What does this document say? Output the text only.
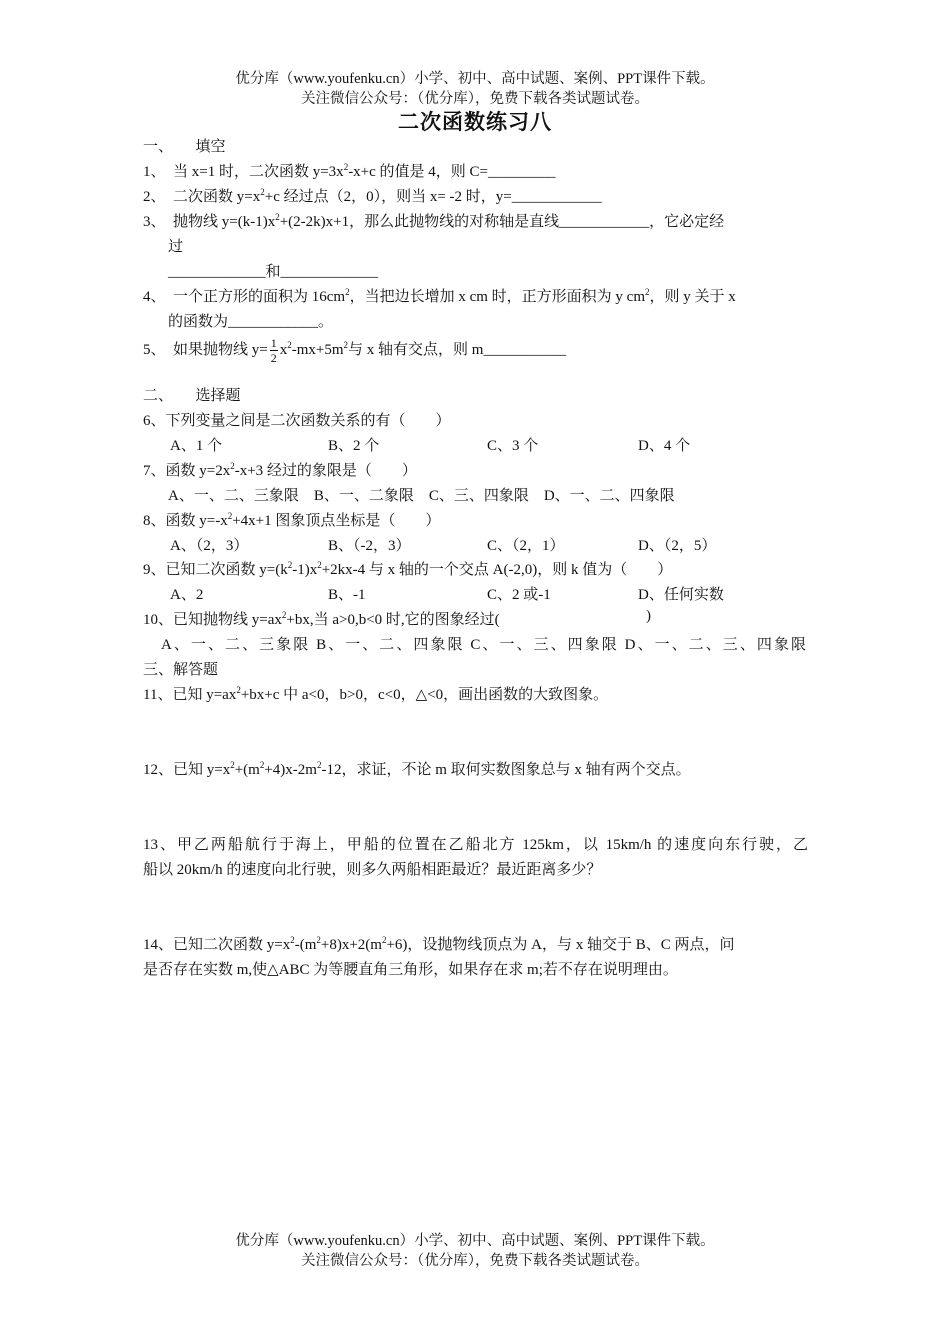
优分库（www.youfenku.cn）小学、初中、高中试题、案例、PPT课件下载。
关注微信公众号：（优分库），免费下载各类试题试卷。
二次函数练习八
一、　　填空
1、 当 x=1 时，二次函数 $y=3x^2-x+c$ 的值是 4，则 C=_________
2、 二次函数 $y=x^2+c$ 经过点（2，0），则当 x= -2 时，y=____________
3、 抛物线 $y=(k-1)x^2+(2-2k)x+1$，那么此抛物线的对称轴是直线____________，它必定经
过
_____________和_____________
4、 一个正方形的面积为 $16cm^2$，当把边长增加 x cm 时，正方形面积为 y $cm^2$，则 y 关于 x
的函数为____________。
5、 如果抛物线 $y= \frac{1}{2} x^2-mx+5m^2$与 x 轴有交点，则 m___________
二、　　选择题
6、下列变量之间是二次函数关系的有（　　）
A、1 个	B、2 个	C、3 个	D、4 个
7、函数 $y=2x^2-x+3$ 经过的象限是（　　）
A、一、二、三象限　B、一、二象限　C、三、四象限　D、一、二、四象限
8、函数 $y=-x^2+4x+1$ 图象顶点坐标是（　　）
A、（2，3）	B、（-2，3）	C、（2，1）	D、（2，5）
9、已知二次函数 $y=(k^2-1)x^2+2kx-4$ 与 x 轴的一个交点 A(-2,0)，则 k 值为（　　）
A、2	B、-1	C、2 或-1	D、任何实数
10、已知抛物线 $y=ax^2+bx$,当 a>0,b<0 时,它的图象经过(	)
A、一、二、三象限 B、一、二、四象限 C、一、三、四象限 D、一、二、三、四象限
三、解答题
11、已知 $y=ax^2+bx+c$ 中 a<0，b>0，c<0，△<0，画出函数的大致图象。
12、已知 $y=x^2+(m^2+4)x-2m^2-12$，求证，不论 m 取何实数图象总与 x 轴有两个交点。
13、甲乙两船航行于海上，甲船的位置在乙船北方 125km，以 15km/h 的速度向东行驶，乙
船以 20km/h 的速度向北行驶，则多久两船相距最近？最近距离多少？
14、已知二次函数 $y=x^2-(m^2+8)x+2(m^2+6)$，设抛物线顶点为 A，与 x 轴交于 B、C 两点，问
是否存在实数 m,使△ABC 为等腰直角三角形，如果存在求 m;若不存在说明理由。
优分库（www.youfenku.cn）小学、初中、高中试题、案例、PPT课件下载。
关注微信公众号：（优分库），免费下载各类试题试卷。
